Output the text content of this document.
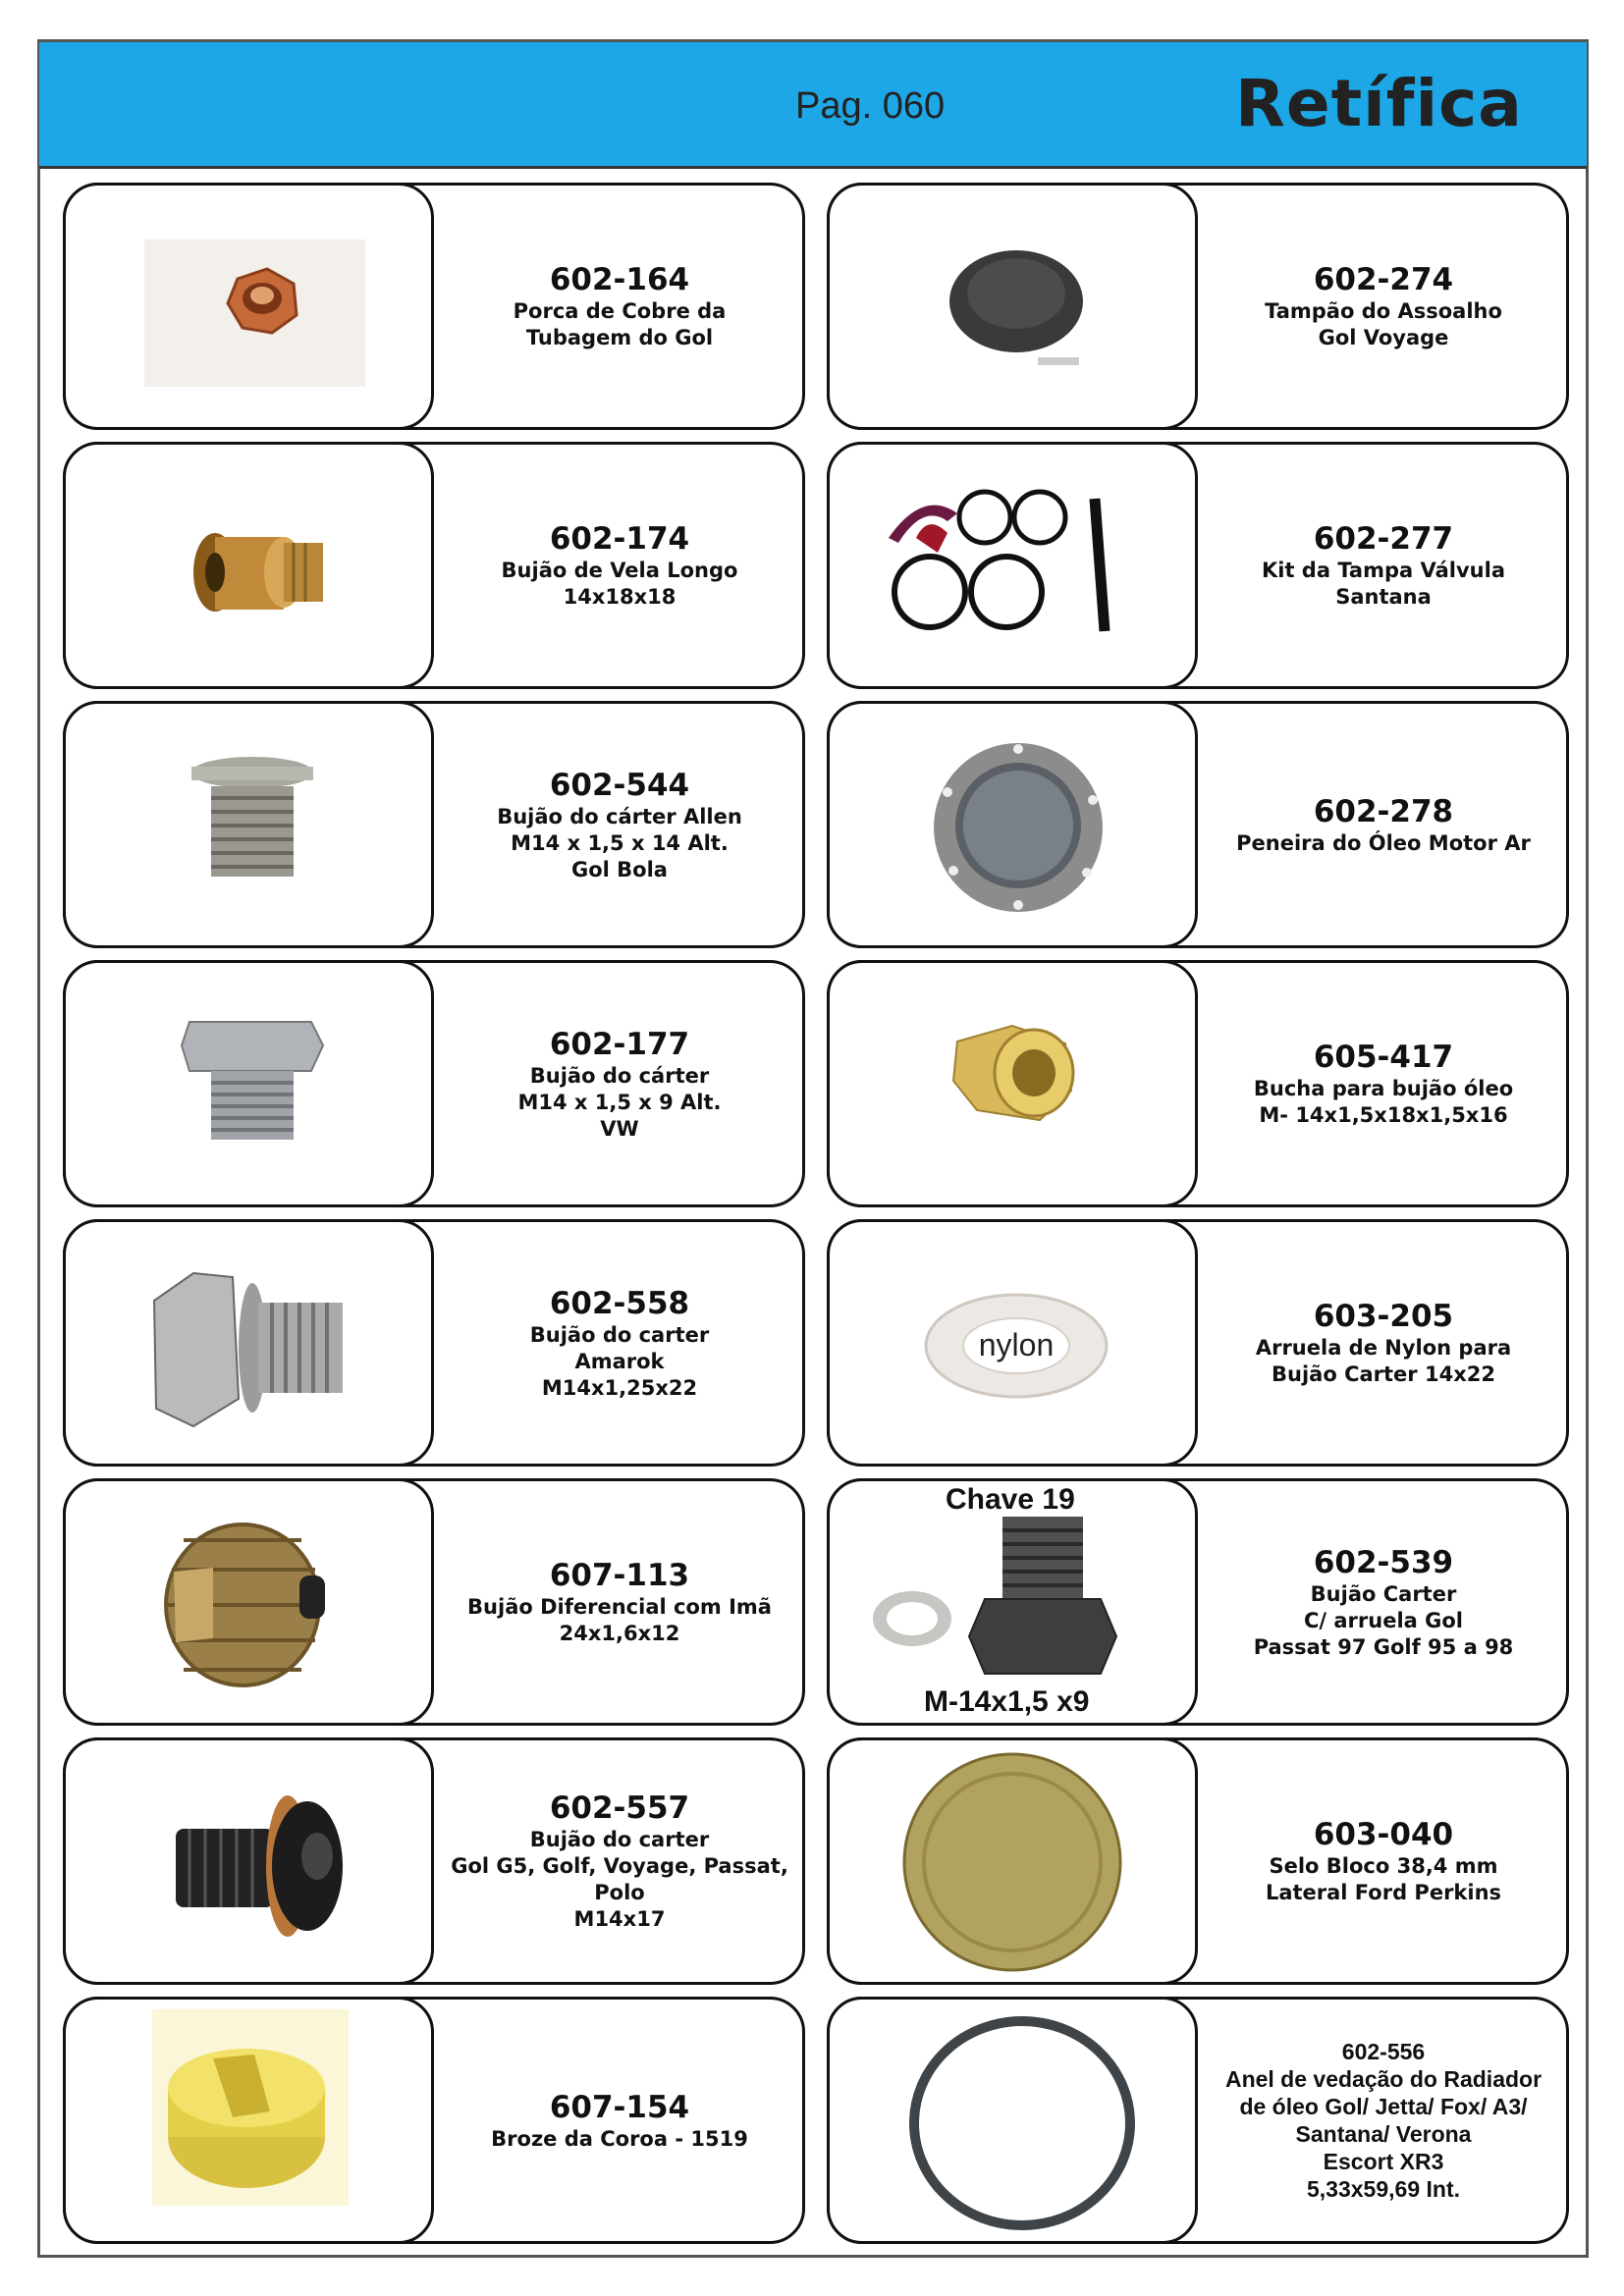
Pag. 060	Retífica
602-164
Porca de Cobre da
Tubagem do Gol
602-274
Tampão do Assoalho
Gol Voyage
602-174
Bujão de Vela Longo
14x18x18
602-277
Kit da Tampa Válvula
Santana
602-544
Bujão do cárter Allen
M14 x 1,5 x 14 Alt.
Gol Bola
602-278
Peneira do Óleo Motor Ar
602-177
Bujão do cárter
M14 x 1,5 x 9 Alt.
VW
605-417
Bucha para bujão óleo
M- 14x1,5x18x1,5x16
602-558
Bujão do carter
Amarok
M14x1,25x22
nylon
603-205
Arruela de Nylon para
Bujão Carter 14x22
607-113
Bujão Diferencial com Imã
24x1,6x12
Chave 19
M-14x1,5 x9
602-539
Bujão Carter
C/ arruela Gol
Passat 97 Golf 95 a 98
602-557
Bujão do carter
Gol G5, Golf, Voyage, Passat,
Polo
M14x17
603-040
Selo Bloco 38,4 mm
Lateral Ford Perkins
607-154
Broze da Coroa - 1519
602-556
Anel de vedação do Radiador
de óleo Gol/ Jetta/ Fox/ A3/
Santana/ Verona
Escort XR3
5,33x59,69 Int.
